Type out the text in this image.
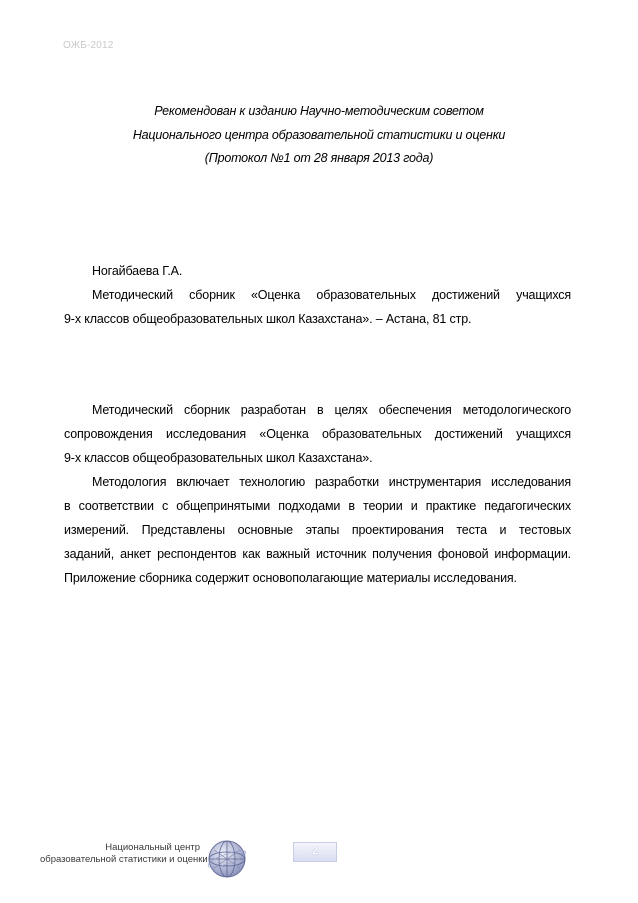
ОЖБ-2012
Рекомендован к изданию Научно-методическим советом
Национального центра образовательной статистики и оценки
(Протокол №1 от 28 января 2013 года)
Ногайбаева Г.А.
Методический сборник «Оценка образовательных достижений учащихся
9-х классов общеобразовательных школ Казахстана». – Астана, 81 стр.
Методический сборник разработан в целях обеспечения методологического
сопровождения исследования «Оценка образовательных достижений учащихся
9-х классов общеобразовательных школ Казахстана».
Методология включает технологию разработки инструментария исследования
в соответствии с общепринятыми подходами в теории и практике педагогических
измерений. Представлены основные этапы проектирования теста и тестовых
заданий, анкет респондентов как важный источник получения фоновой информации.
Приложение сборника содержит основополагающие материалы исследования.
Национальный центр
образовательной статистики и оценки
2
